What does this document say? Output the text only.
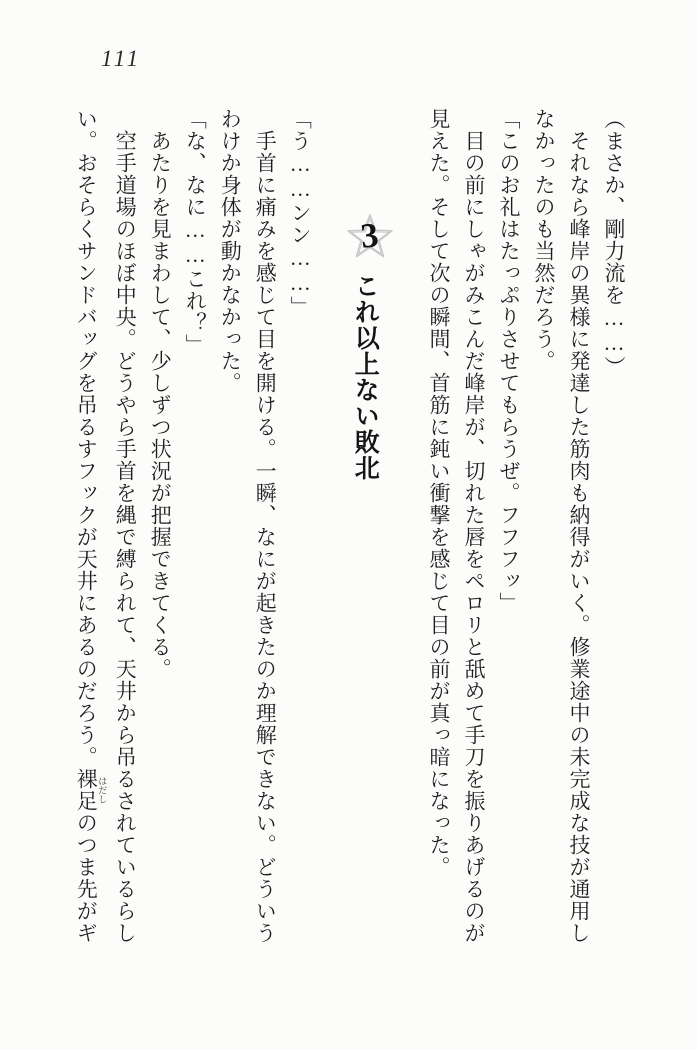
111
（まさか、剛力流を……）
それなら峰岸の異様に発達した筋肉も納得がいく。修業途中の未完成な技が通用し
なかったのも当然だろう。
「このお礼はたっぷりさせてもらうぜ。フフフッ」
目の前にしゃがみこんだ峰岸が、切れた唇をペロリと舐めて手刀を振りあげるのが
見えた。そして次の瞬間、首筋に鈍い衝撃を感じて目の前が真っ暗になった。
3
これ以上ない敗北
「う……ンン……」
手首に痛みを感じて目を開ける。一瞬、なにが起きたのか理解できない。どういう
わけか身体が動かなかった。
「な、なに……これ？」
あたりを見まわして、少しずつ状況が把握できてくる。
空手道場のほぼ中央。どうやら手首を縄で縛られて、天井から吊るされているらし
い。おそらくサンドバッグを吊るすフックが天井にあるのだろう。裸足 はだしのつま先がギ
